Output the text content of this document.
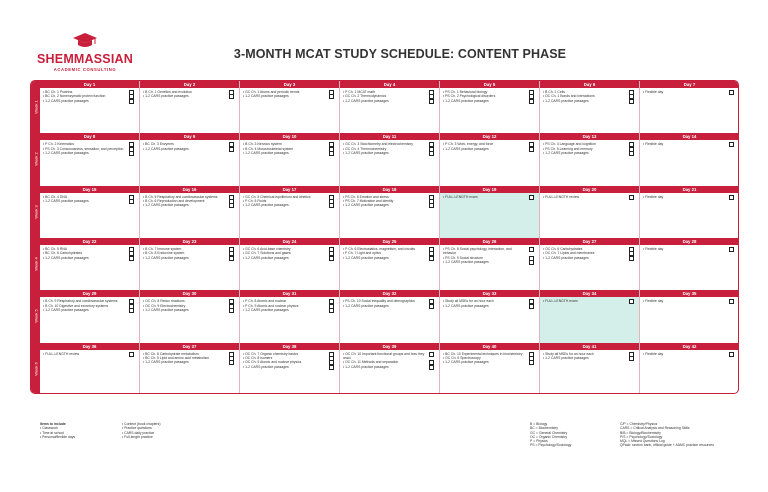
SHEMMASSIAN
ACADEMIC CONSULTING
3-MONTH MCAT STUDY SCHEDULE: CONTENT PHASE
Week 1
Day 1
• BC Ch. 1 Proteins
• BC Ch. 2 Nonenzymatic protein function
• 1-2 CARS practice passages
Day 2
• B Ch. 1 Genetics and evolution
• 1-2 CARS practice passages
Day 3
• GC Ch. 1 Atoms and periodic trends
• 1-2 CARS practice passages
Day 4
• P Ch. 1 MCAT math
• GC Ch. 2 Thermodynamics
• 1-2 CARS practice passages
Day 5
• PS Ch. 1 Behavioral biology
• PS Ch. 2 Psychological disorders
• 1-2 CARS practice passages
Day 6
• B Ch. 2 Cells
• OC Ch. 1 Bonds and interactions
• 1-2 CARS practice passages
Day 7
• Flexible day
Week 2
Day 8
• P Ch. 2 Kinematics
• PS Ch. 3 Consciousness, sensation, and perception
• 1-2 CARS practice passages
Day 9
• BC Ch. 3 Enzymes
• 1-2 CARS practice passages
Day 10
• B Ch. 3 Nervous system
• B Ch. 4 Musculoskeletal system
• 1-2 CARS practice passages
Day 11
• GC Ch. 3 Stoichiometry and electrochemistry
• GC Ch. 4 Thermochemistry
• 1-2 CARS practice passages
Day 12
• P Ch. 3 Work, energy, and force
• 1-2 CARS practice passages
Day 13
• PS Ch. 4 Language and cognition
• PS Ch. 5 Learning and memory
• 1-2 CARS practice passages
Day 14
• Flexible day
Week 3
Day 15
• BC Ch. 4 DNA
• 1-2 CARS practice passages
Day 16
• B Ch. 5 Respiratory and cardiovascular systems
• B Ch. 6 Reproduction and development
• 1-2 CARS practice passages
Day 17
• GC Ch. 5 Chemical equilibrium and kinetics
• P Ch. 5 Fluids
• 1-2 CARS practice passages
Day 18
• PS Ch. 6 Emotion and stress
• PS Ch. 7 Motivation and identity
• 1-2 CARS practice passages
Day 19
• FULL-LENGTH exam
Day 20
• FULL-LENGTH review
Day 21
• Flexible day
Week 4
Day 22
• BC Ch. 5 RNA
• BC Ch. 6 Carbohydrates
• 1-2 CARS practice passages
Day 23
• B Ch. 7 Immune system
• B Ch. 8 Endocrine system
• 1-2 CARS practice passages
Day 24
• GC Ch. 6 Acid-base chemistry
• GC Ch. 7 Solutions and gases
• 1-2 CARS practice passages
Day 25
• P Ch. 6 Electrostatics, magnetism, and circuits
• P Ch. 7 Light and optics
• 1-2 CARS practice passages
Day 26
• PS Ch. 8 Social psychology, interaction, and behavior
• PS Ch. 9 Social structure
• 1-2 CARS practice passages
Day 27
• OC Ch. 6 Carbohydrates
• OC Ch. 7 Lipids and membranes
• 1-2 CARS practice passages
Day 28
• Flexible day
Week 5
Day 29
• B Ch. 9 Respiratory and cardiovascular systems
• B Ch. 10 Digestive and excretory systems
• 1-2 CARS practice passages
Day 30
• OC Ch. 8 Redox reactions
• OC Ch. 9 Electrochemistry
• 1-2 CARS practice passages
Day 31
• P Ch. 8 Atomic and nuclear
• P Ch. 9 Atomic and nuclear physics
• 1-2 CARS practice passages
Day 32
• PS Ch. 10 Social inequality and demographics
• 1-2 CARS practice passages
Day 33
• Study all MSEs for an hour each
• 1-2 CARS practice passages
Day 34
• FULL-LENGTH exam
Day 35
• Flexible day
Week 6
Day 36
• FULL-LENGTH review
Day 37
• BC Ch. 8 Carbohydrate metabolism
• BC Ch. 9 Lipid and amino acid metabolism
• 1-2 CARS practice passages
Day 38
• OC Ch. 7 Organic chemistry basics
• OC Ch. 8 Isomers
• OC Ch. 9 Atomic and nuclear physics
• 1-2 CARS practice passages
Day 39
• OC Ch. 10 Important functional groups and how they react
• OC Ch. 11 Methods and separation
• 1-2 CARS practice passages
Day 40
• BC Ch. 10 Experimental techniques in biochemistry
• OC Ch. 6 Spectroscopy
• 1-2 CARS practice passages
Day 41
• Study all MSEs for an hour each
• 1-2 CARS practice passages
Day 42
• Flexible day
Items to include
• Classwork
• Time at school
• Personal/flexible days
• Content (book chapters)
• Practice questions
• CARS daily practice
• Full-length practice
B = Biology
BC = Biochemistry
GC = General Chemistry
OC = Organic Chemistry
P = Physics
PS = Psychology/Sociology
C/P = Chemistry/Physics
CARS = Critical Analysis and Reasoning Skills
B/B = Biology/Biochemistry
P/S = Psychology/Sociology
MQL = Missed Questions Log
QPack: section bank, official guide + AAMC practice resources
